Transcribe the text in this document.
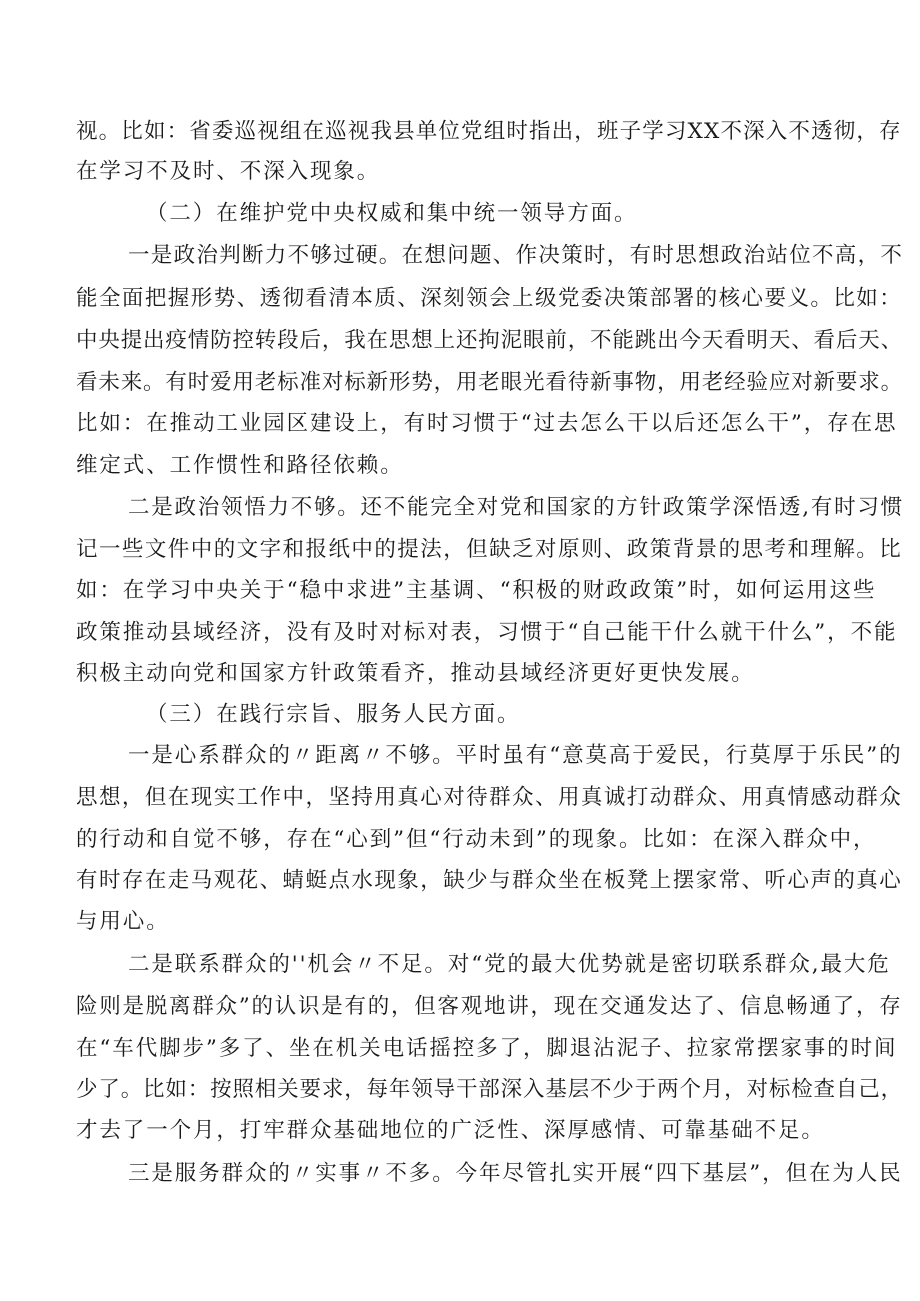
视。比如：省委巡视组在巡视我县单位党组时指出，班子学习XX不深入不透彻，存
在学习不及时、不深入现象。
（二）在维护党中央权威和集中统一领导方面。
一是政治判断力不够过硬。在想问题、作决策时，有时思想政治站位不高，不
能全面把握形势、透彻看清本质、深刻领会上级党委决策部署的核心要义。比如：
中央提出疫情防控转段后，我在思想上还拘泥眼前，不能跳出今天看明天、看后天、
看未来。有时爱用老标准对标新形势，用老眼光看待新事物，用老经验应对新要求。
比如：在推动工业园区建设上，有时习惯于“过去怎么干以后还怎么干”，存在思
维定式、工作惯性和路径依赖。
二是政治领悟力不够。还不能完全对党和国家的方针政策学深悟透,有时习惯
记一些文件中的文字和报纸中的提法，但缺乏对原则、政策背景的思考和理解。比
如：在学习中央关于“稳中求进”主基调、“积极的财政政策”时，如何运用这些
政策推动县域经济，没有及时对标对表，习惯于“自己能干什么就干什么”，不能
积极主动向党和国家方针政策看齐，推动县域经济更好更快发展。
（三）在践行宗旨、服务人民方面。
一是心系群众的〃距离〃不够。平时虽有“意莫高于爱民，行莫厚于乐民”的
思想，但在现实工作中，坚持用真心对待群众、用真诚打动群众、用真情感动群众
的行动和自觉不够，存在“心到”但“行动未到”的现象。比如：在深入群众中，
有时存在走马观花、蜻蜓点水现象，缺少与群众坐在板凳上摆家常、听心声的真心
与用心。
二是联系群众的''机会〃不足。对“党的最大优势就是密切联系群众,最大危
险则是脱离群众”的认识是有的，但客观地讲，现在交通发达了、信息畅通了，存
在“车代脚步”多了、坐在机关电话摇控多了，脚退沾泥子、拉家常摆家事的时间
少了。比如：按照相关要求，每年领导干部深入基层不少于两个月，对标检查自己，
才去了一个月，打牢群众基础地位的广泛性、深厚感情、可靠基础不足。
三是服务群众的〃实事〃不多。今年尽管扎实开展“四下基层”，但在为人民
